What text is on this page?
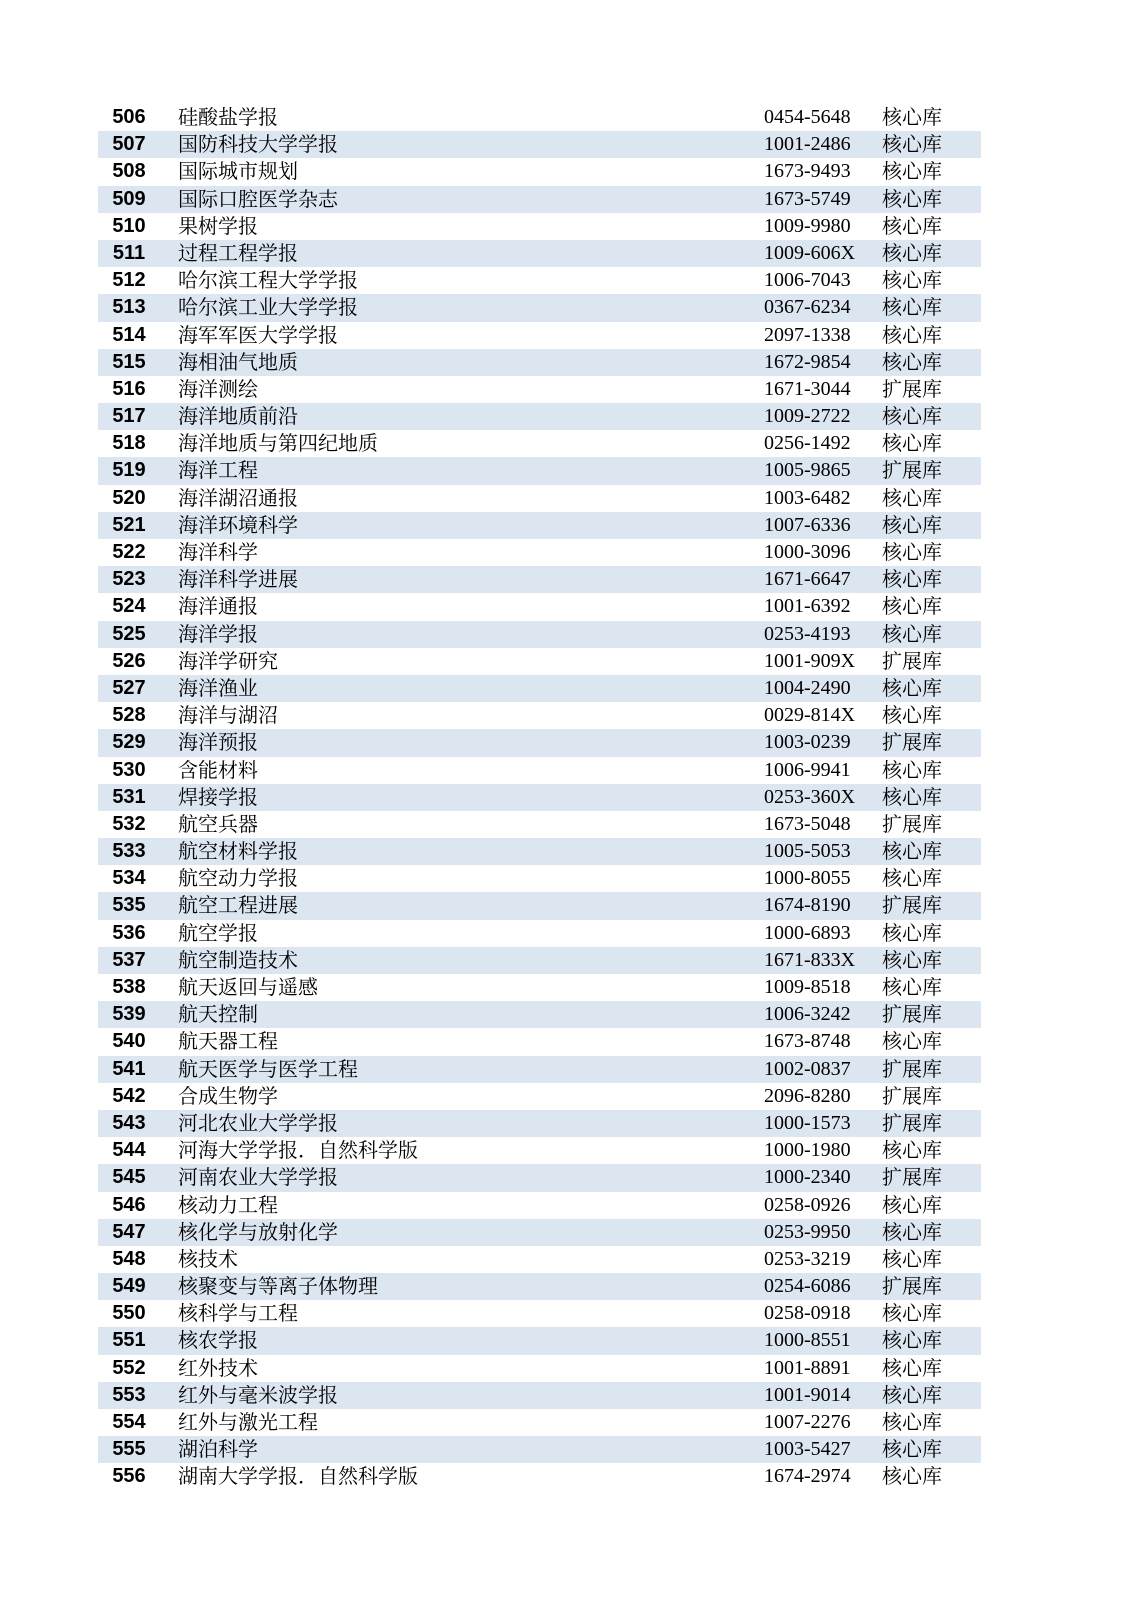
506	硅酸盐学报	0454-5648 核心库
507	国防科技大学学报	1001-2486 核心库
508	国际城市规划	1673-9493 核心库
509	国际口腔医学杂志	1673-5749 核心库
510	果树学报	1009-9980 核心库
511	过程工程学报	1009-606X 核心库
512	哈尔滨工程大学学报	1006-7043 核心库
513	哈尔滨工业大学学报	0367-6234 核心库
514	海军军医大学学报	2097-1338 核心库
515	海相油气地质	1672-9854 核心库
516	海洋测绘	1671-3044 扩展库
517	海洋地质前沿	1009-2722 核心库
518	海洋地质与第四纪地质	0256-1492 核心库
519	海洋工程	1005-9865 扩展库
520	海洋湖沼通报	1003-6482 核心库
521	海洋环境科学	1007-6336 核心库
522	海洋科学	1000-3096 核心库
523	海洋科学进展	1671-6647 核心库
524	海洋通报	1001-6392 核心库
525	海洋学报	0253-4193 核心库
526	海洋学研究	1001-909X 扩展库
527	海洋渔业	1004-2490 核心库
528	海洋与湖沼	0029-814X 核心库
529	海洋预报	1003-0239 扩展库
530	含能材料	1006-9941 核心库
531	焊接学报	0253-360X 核心库
532	航空兵器	1673-5048 扩展库
533	航空材料学报	1005-5053 核心库
534	航空动力学报	1000-8055 核心库
535	航空工程进展	1674-8190 扩展库
536	航空学报	1000-6893 核心库
537	航空制造技术	1671-833X 核心库
538	航天返回与遥感	1009-8518 核心库
539	航天控制	1006-3242 扩展库
540	航天器工程	1673-8748 核心库
541	航天医学与医学工程	1002-0837 扩展库
542	合成生物学	2096-8280 扩展库
543	河北农业大学学报	1000-1573 扩展库
544	河海大学学报．自然科学版	1000-1980 核心库
545	河南农业大学学报	1000-2340 扩展库
546	核动力工程	0258-0926 核心库
547	核化学与放射化学	0253-9950 核心库
548	核技术	0253-3219 核心库
549	核聚变与等离子体物理	0254-6086 扩展库
550	核科学与工程	0258-0918 核心库
551	核农学报	1000-8551 核心库
552	红外技术	1001-8891 核心库
553	红外与毫米波学报	1001-9014 核心库
554	红外与激光工程	1007-2276 核心库
555	湖泊科学	1003-5427 核心库
556	湖南大学学报．自然科学版	1674-2974 核心库
